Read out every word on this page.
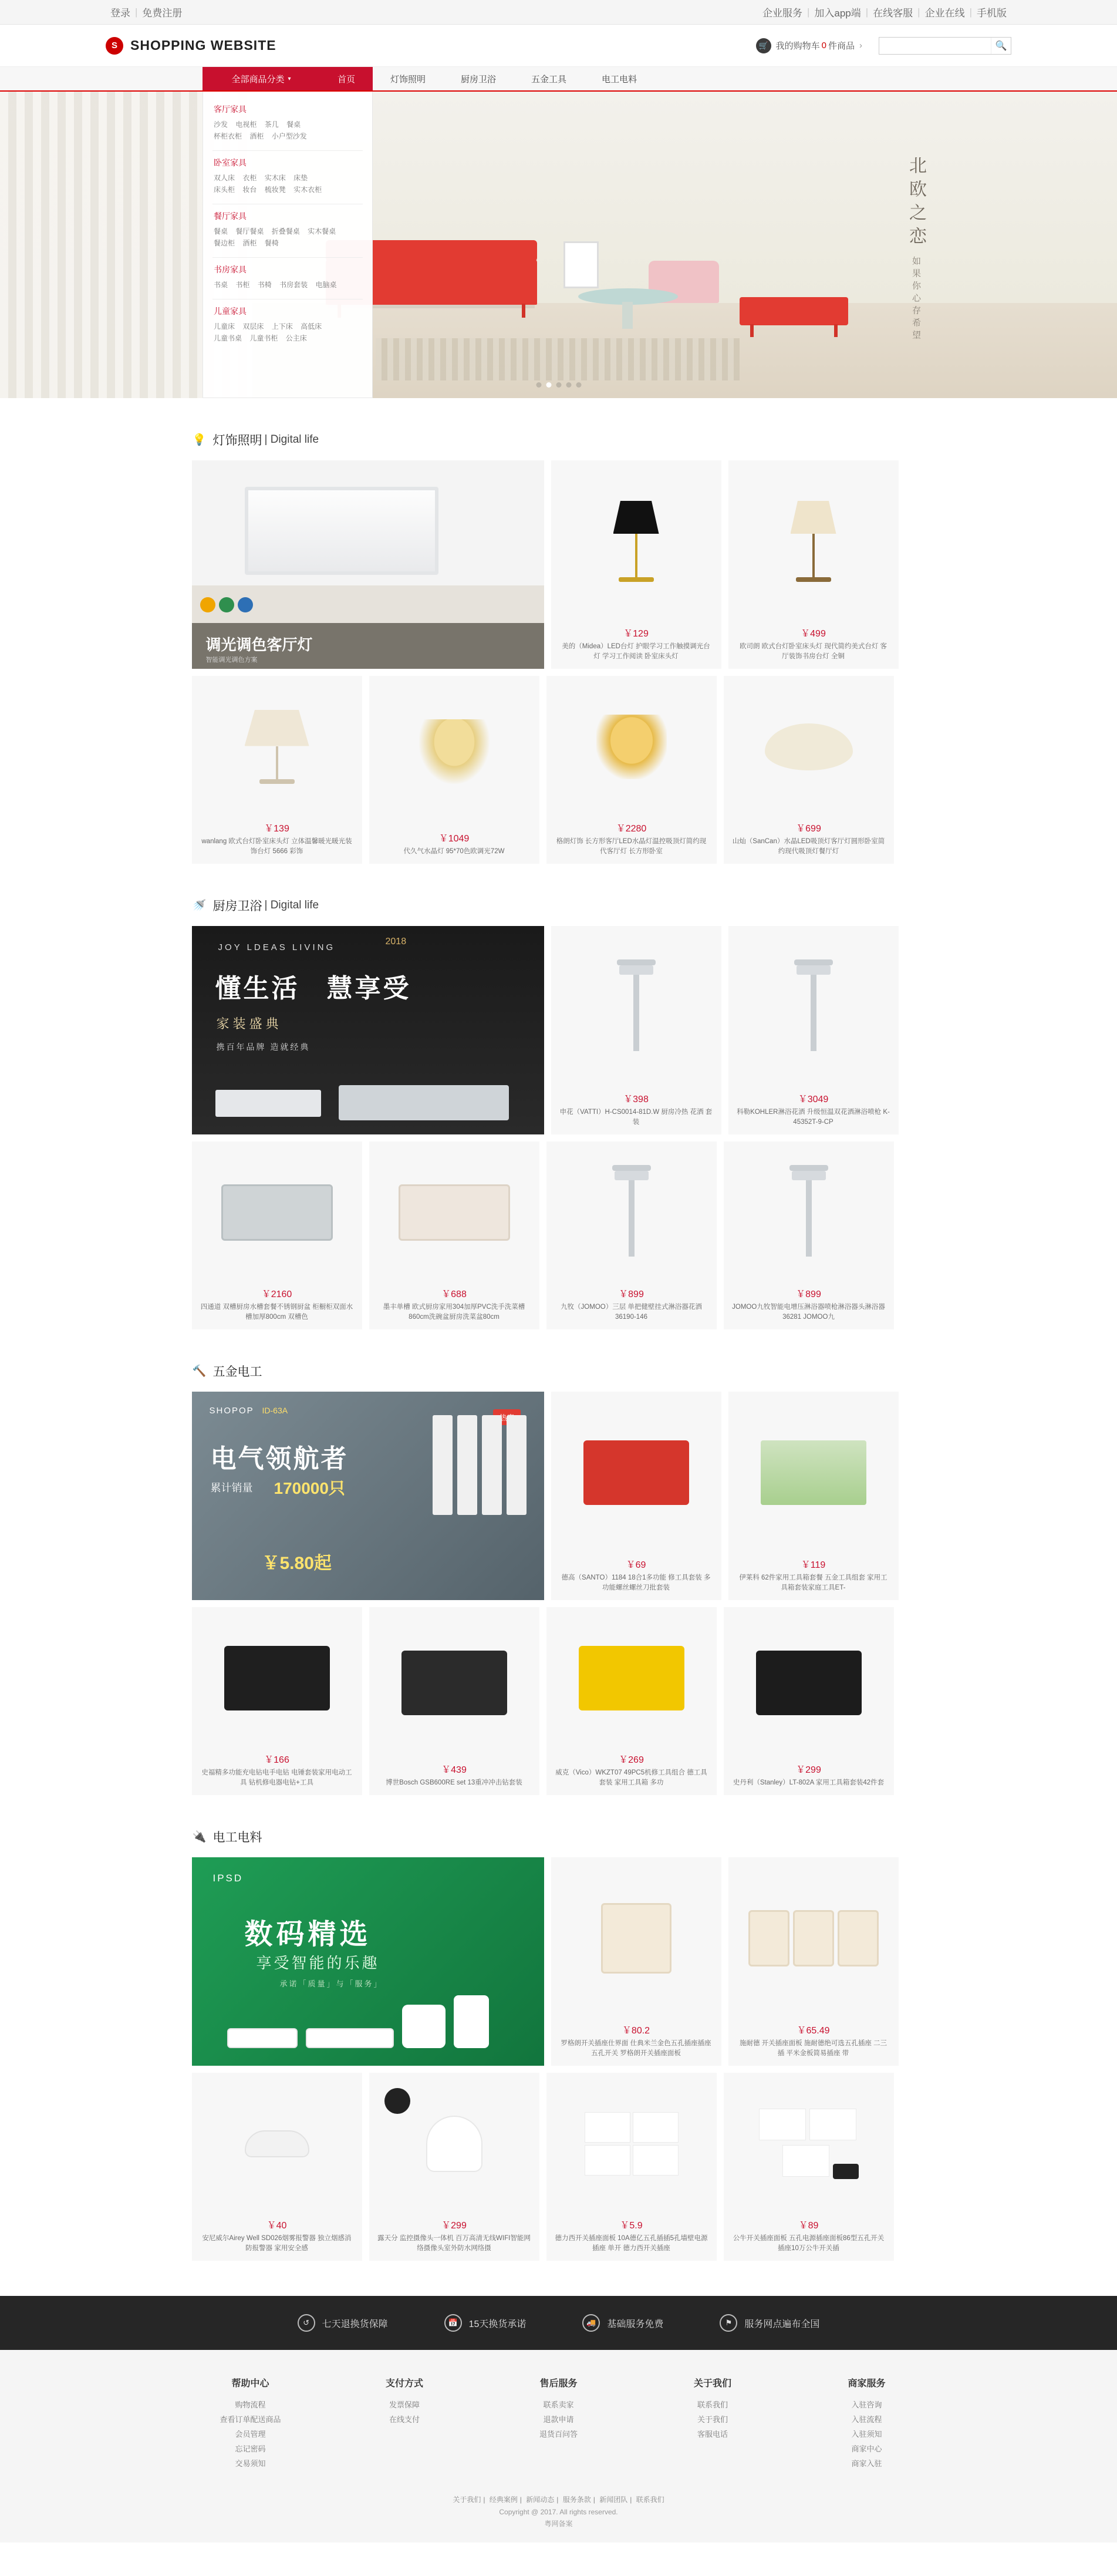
登录 | 免费注册	企业服务 | 加入app端 | 在线客服 | 企业在线 | 手机版
S SHOPPING WEBSITE	🛒 我的购物车 0 件商品 ›	🔍
全部商品分类 ▾	首页	灯饰照明	厨房卫浴	五金工具	电工电料
北欧之恋 如果你心存希望
客厅家具
沙发 电视柜 茶几 餐桌
杯柜衣柜 酒柜 小户型沙发
卧室家具
双人床 衣柜 实木床 床垫
床头柜 妆台 梳妆凳 实木衣柜
餐厅家具
餐桌 餐厅餐桌 折叠餐桌 实木餐桌
餐边柜 酒柜 餐椅
书房家具
书桌 书柜 书椅 书房套装 电脑桌
儿童家具
儿童床 双层床 上下床 高低床
儿童书桌 儿童书柜 公主床
💡 灯饰照明 | Digital life
调光调色客厅灯
智能调光调色方案
￥129
美的（Midea）LED台灯 护眼学习工作触摸调光台灯 学习工作阅读 卧室床头灯
￥499
欧司朗 欧式台灯卧室床头灯 现代简约美式台灯 客厅装饰书房台灯 全铜
￥139
wanlang 欧式台灯卧室床头灯 立体温馨暖光暖光装饰台灯 5666 彩饰
￥1049
代久气水晶灯 95*70色欧调光72W
￥2280
格朗灯饰 长方形客厅LED水晶灯温控吸顶灯简约现代客厅灯 长方形卧室
￥699
山灿（SanCan）水晶LED吸顶灯客厅灯圆形卧室简约现代吸顶灯餐厅灯
🚿 厨房卫浴 | Digital life
JOY LDEAS LIVING
懂生活 慧享受
2018
家装盛典
携百年品牌 造就经典
￥398
申花（VATTI）H-CS0014-81D.W 厨房冷热 花洒 套装
￥3049
科勒KOHLER淋浴花洒 升级恒温双花洒淋浴喷枪 K-45352T-9-CP
￥2160
四通道 双槽厨房水槽套餐不锈钢厨盆 柜橱柜双面水槽加厚800cm 双槽色
￥688
墨丰单槽 欧式厨房家用304加厚PVC洗手洗菜槽860cm洗碗盆厨房洗菜盆80cm
￥899
九牧（JOMOO）三层 单把健壁挂式淋浴器花洒36190-146
￥899
JOMOO九牧智能电增压淋浴器喷枪淋浴器头淋浴器36281 JOMOO九
🔨 五金电工
SHOPOP ID-63A
电气领航者
累计销量 170000只
￥5.80起	￥69
德高（SANTO）1184 18合1多功能 修工具套装 多功能螺丝螺丝刀批套装
￥119
伊莱科 62件家用工具箱套餐 五金工具组套 家用工具箱套装家庭工具ET-
￥166
史福精多功能充电钻电手电钻 电锤套装家用电动工具 钻机修电器电钻+工具
￥439
博世Bosch GSB600RE set 13重冲冲击钻套装
￥269
威克（Vico）WKZT07 49PC5机修工具组合 德工具套装 家用工具箱 多功
￥299
史丹利（Stanley）LT-802A 家用工具箱套装42件套
🔌 电工电料
IPSD
数码精选
享受智能的乐趣
承诺「质量」与「服务」
￥80.2
罗格朗开关插座仕界面 仕典米兰金色五孔插座插座 五孔开关 罗格朗开关插座面板
￥65.49
施耐德 开关插座面板 施耐德绝可选五孔插座 二三插 平米金板简易插座 带
￥40
安尼威尔Airey Well SD026烟雾报警器 独立烟感消防报警器 家用安全感
￥299
露天分 监控摄像头一体机 百万高清无线WIFI智能网络摄像头室外防水网络摄
￥5.9
德力西开关插座面板 10A德亿五孔插插5孔墙壁电源插座 单开 德力西开关插座
￥89
公牛开关插座面板 五孔电源插座面板86型五孔开关插座10万公牛开关插
↺	七天退换货保障	📅	15天换货承诺	🚚	基础服务免费	⚑	服务网点遍布全国
帮助中心
购物流程
查看订单配送商品
会员管理
忘记密码
交易须知
支付方式
发票保障
在线支付
售后服务
联系卖家
退款申请
退货百问答
关于我们
联系我们
关于我们
客服电话
商家服务
入驻咨询
入驻流程
入驻须知
商家中心
商家入驻
关于我们 | 经典案例 | 新闻动态 | 服务条款 | 新闻团队 | 联系我们
Copyright @ 2017. All rights reserved.
粤网备案
